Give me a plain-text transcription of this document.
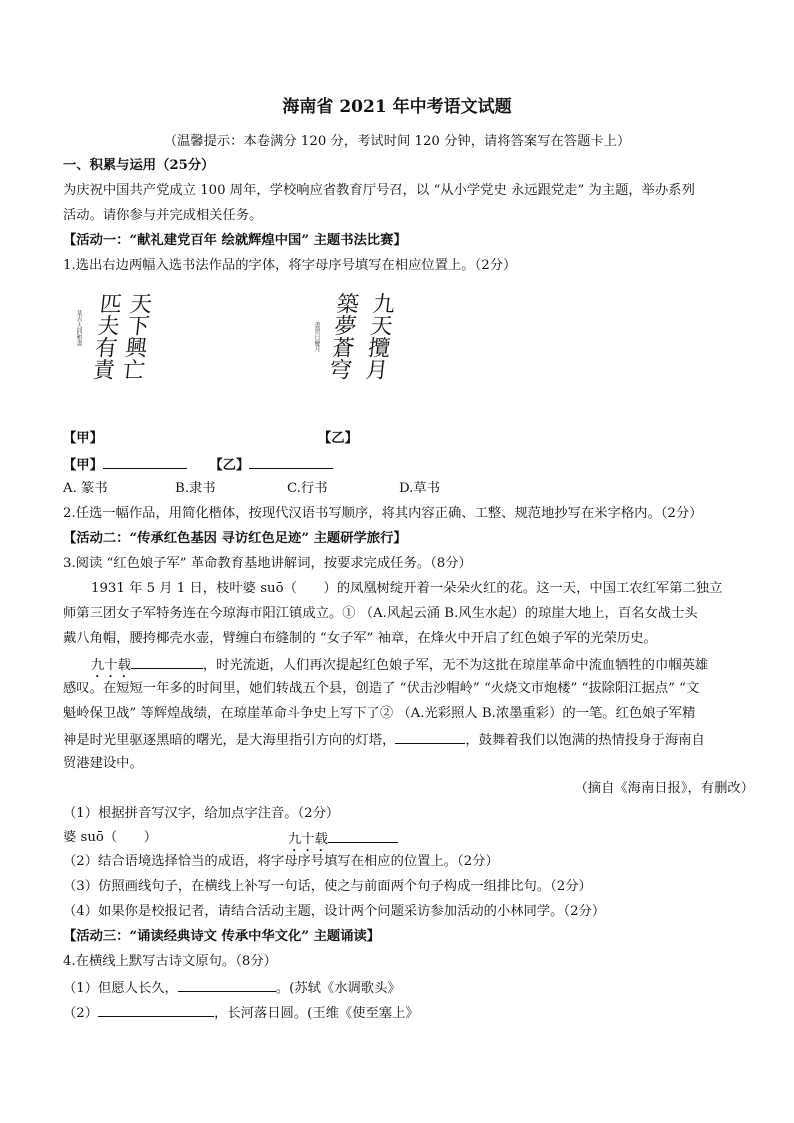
海南省 2021 年中考语文试题
（温馨提示：本卷满分 120 分，考试时间 120 分钟，请将答案写在答题卡上）
一、积累与运用（25分）
为庆祝中国共产党成立 100 周年，学校响应省教育厅号召，以 “从小学党史 永远跟党走” 为主题，举办系列
活动。请你参与并完成相关任务。
【活动一：“献礼建党百年 绘就辉煌中国” 主题书法比赛】
1.选出右边两幅入选书法作品的字体，将字母序号填写在相应位置上。（2分）
某吉人同和書 匹夫有責
天下興亡	書習日慶月 築夢蒼穹 九天攬月
【甲】	【乙】
【甲】	【乙】
A. 篆书	B.隶书	C.行书	D.草书
2.任选一幅作品，用简化楷体，按现代汉语书写顺序，将其内容正确、工整、规范地抄写在米字格内。（2分）
【活动二：“传承红色基因 寻访红色足迹” 主题研学旅行】
3.阅读 “红色娘子军” 革命教育基地讲解词，按要求完成任务。（8分）
1931 年 5 月 1 日，枝叶婆 suō（　　）的凤凰树绽开着一朵朵火红的花。这一天，中国工农红军第二独立
师第三团女子军特务连在今琼海市阳江镇成立。① （A.风起云涌 B.风生水起）的琼崖大地上，百名女战士头
戴八角帽，腰挎椰壳水壶，臂缠白布缝制的 “女子军” 袖章，在烽火中开启了红色娘子军的光荣历史。
九十载	，时光流逝，人们再次提起红色娘子军，无不为这批在琼崖革命中流血牺牲的巾帼英雄
感叹。在短短一年多的时间里，她们转战五个县，创造了 “伏击沙帽岭” “火烧文市炮楼” “拔除阳江据点” “文
魁岭保卫战” 等辉煌战绩，在琼崖革命斗争史上写下了② （A.光彩照人 B.浓墨重彩）的一笔。红色娘子军精
神是时光里驱逐黑暗的曙光，是大海里指引方向的灯塔，	，鼓舞着我们以饱满的热情投身于海南自
贸港建设中。
（摘自《海南日报》，有删改）
（1）根据拼音写汉字，给加点字注音。（2分）
婆 suō（　　）	九十载
（2）结合语境选择恰当的成语，将字母序号填写在相应的位置上。（2分）
（3）仿照画线句子，在横线上补写一句话，使之与前面两个句子构成一组排比句。（2分）
（4）如果你是校报记者，请结合活动主题，设计两个问题采访参加活动的小林同学。（2分）
【活动三：“诵读经典诗文 传承中华文化” 主题诵读】
4.在横线上默写古诗文原句。（8分）
（1）但愿人长久，	。(苏轼《水调歌头》
（2）	，长河落日圆。(王维《使至塞上》
